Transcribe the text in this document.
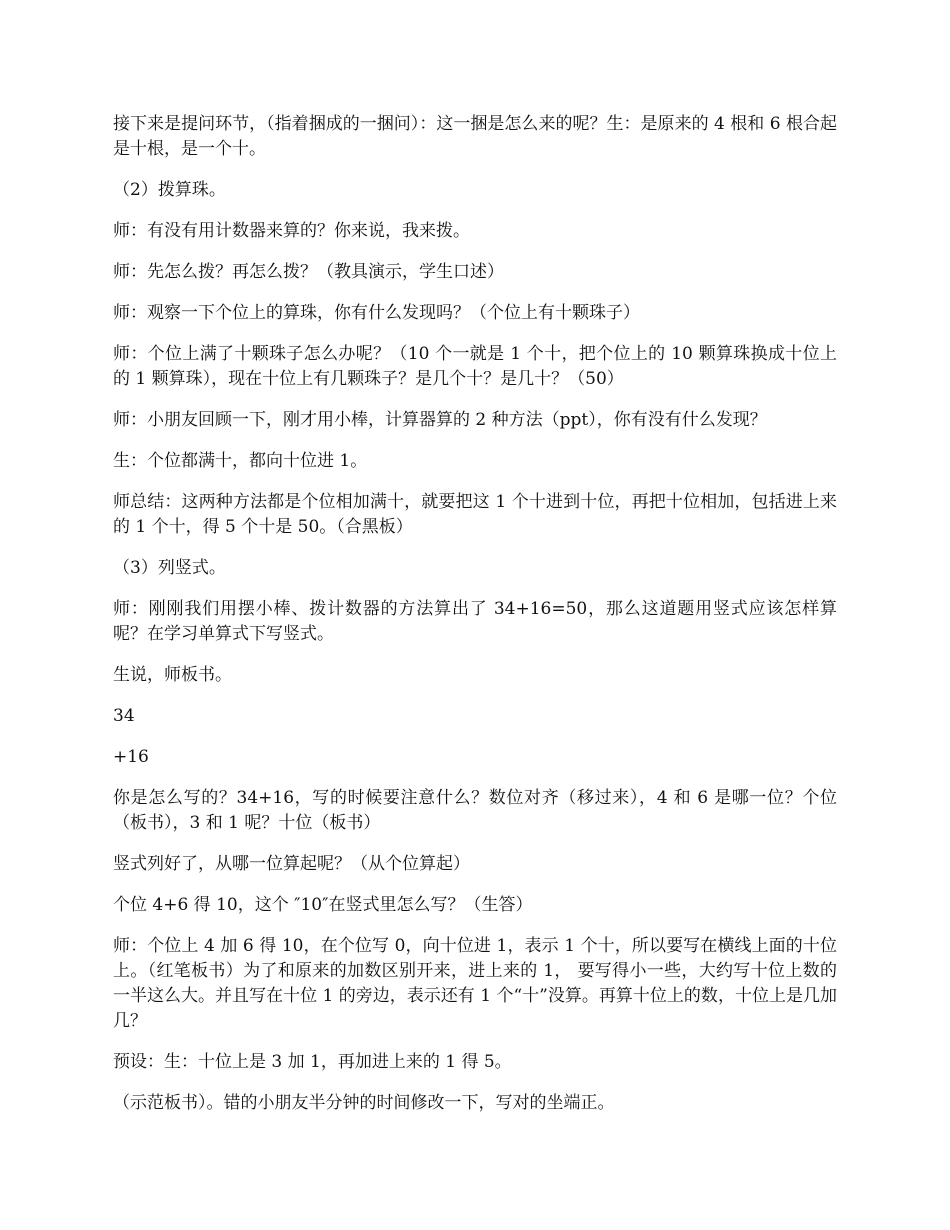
接下来是提问环节，（指着捆成的一捆问）：这一捆是怎么来的呢？生：是原来的 4 根和 6 根合起是十根，是一个十。

（2）拨算珠。

师：有没有用计数器来算的？你来说，我来拨。

师：先怎么拨？再怎么拨？（教具演示，学生口述）

师：观察一下个位上的算珠，你有什么发现吗？（个位上有十颗珠子）

师：个位上满了十颗珠子怎么办呢？（10 个一就是 1 个十，把个位上的 10 颗算珠换成十位上的 1 颗算珠），现在十位上有几颗珠子？是几个十？是几十？（50）

师：小朋友回顾一下，刚才用小棒，计算器算的 2 种方法（ppt），你有没有什么发现？

生：个位都满十，都向十位进 1。

师总结：这两种方法都是个位相加满十，就要把这 1 个十进到十位，再把十位相加，包括进上来的 1 个十，得 5 个十是 50。（合黑板）

（3）列竖式。

师：刚刚我们用摆小棒、拨计数器的方法算出了 34+16=50，那么这道题用竖式应该怎样算呢？在学习单算式下写竖式。

生说，师板书。

34

+16

你是怎么写的？34+16，写的时候要注意什么？数位对齐（移过来），4 和 6 是哪一位？个位（板书），3 和 1 呢？十位（板书）

竖式列好了，从哪一位算起呢？（从个位算起）

个位 4+6 得 10，这个 ″10″在竖式里怎么写？（生答）

师：个位上 4 加 6 得 10，在个位写 0，向十位进 1，表示 1 个十，所以要写在横线上面的十位上。（红笔板书）为了和原来的加数区别开来，进上来的 1， 要写得小一些，大约写十位上数的一半这么大。并且写在十位 1 的旁边，表示还有 1 个“十”没算。再算十位上的数，十位上是几加几？

预设：生：十位上是 3 加 1，再加进上来的 1 得 5。

（示范板书）。错的小朋友半分钟的时间修改一下，写对的坐端正。
